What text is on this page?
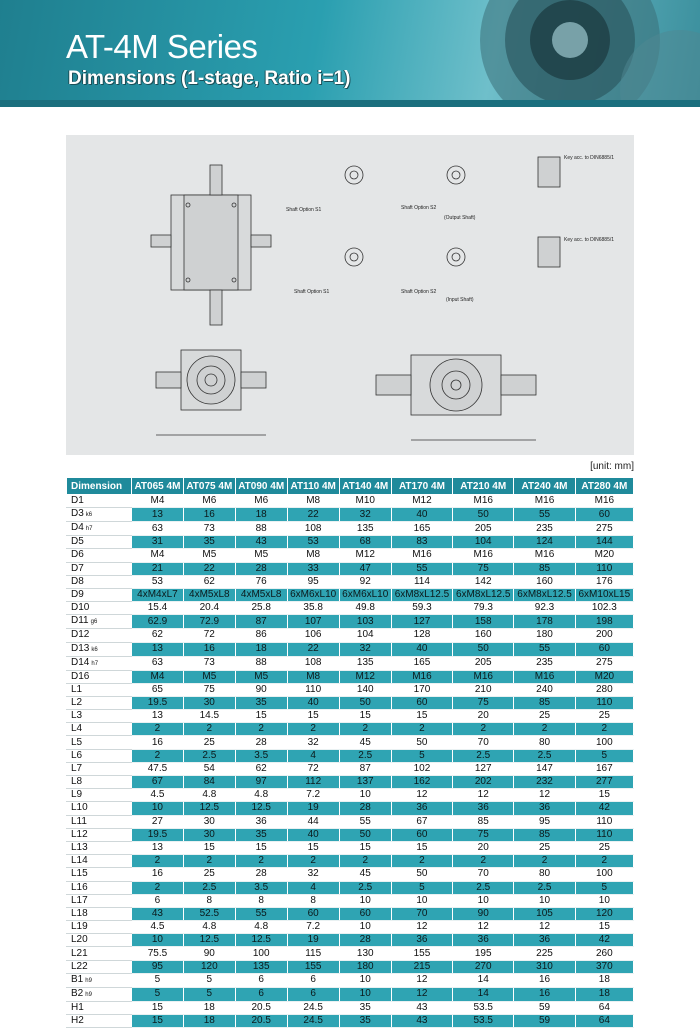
AT-4M Series
Dimensions (1-stage, Ratio i=1)
Shaft Option S1	Shaft Option S2
(Output Shaft)
Shaft Option S1	Shaft Option S2
(Input Shaft)
Key acc. to DIN6885/1
Key acc. to DIN6885/1
[unit: mm]
Dimension	AT065 4M	AT075 4M	AT090 4M	AT110 4M	AT140 4M	AT170 4M	AT210 4M	AT240 4M	AT280 4M
D1	M4	M6	M6	M8	M10	M12	M16	M16	M16
D3 k6	13	16	18	22	32	40	50	55	60
D4 h7	63	73	88	108	135	165	205	235	275
D5	31	35	43	53	68	83	104	124	144
D6	M4	M5	M5	M8	M12	M16	M16	M16	M20
D7	21	22	28	33	47	55	75	85	110
D8	53	62	76	95	92	114	142	160	176
D9	4xM4xL7	4xM5xL8	4xM5xL8	6xM6xL10	6xM6xL10	6xM8xL12.5	6xM8xL12.5	6xM8xL12.5	6xM10xL15
D10	15.4	20.4	25.8	35.8	49.8	59.3	79.3	92.3	102.3
D11 g6	62.9	72.9	87	107	103	127	158	178	198
D12	62	72	86	106	104	128	160	180	200
D13 k6	13	16	18	22	32	40	50	55	60
D14 h7	63	73	88	108	135	165	205	235	275
D16	M4	M5	M5	M8	M12	M16	M16	M16	M20
L1	65	75	90	110	140	170	210	240	280
L2	19.5	30	35	40	50	60	75	85	110
L3	13	14.5	15	15	15	15	20	25	25
L4	2	2	2	2	2	2	2	2	2
L5	16	25	28	32	45	50	70	80	100
L6	2	2.5	3.5	4	2.5	5	2.5	2.5	5
L7	47.5	54	62	72	87	102	127	147	167
L8	67	84	97	112	137	162	202	232	277
L9	4.5	4.8	4.8	7.2	10	12	12	12	15
L10	10	12.5	12.5	19	28	36	36	36	42
L11	27	30	36	44	55	67	85	95	110
L12	19.5	30	35	40	50	60	75	85	110
L13	13	15	15	15	15	15	20	25	25
L14	2	2	2	2	2	2	2	2	2
L15	16	25	28	32	45	50	70	80	100
L16	2	2.5	3.5	4	2.5	5	2.5	2.5	5
L17	6	8	8	8	10	10	10	10	10
L18	43	52.5	55	60	60	70	90	105	120
L19	4.5	4.8	4.8	7.2	10	12	12	12	15
L20	10	12.5	12.5	19	28	36	36	36	42
L21	75.5	90	100	115	130	155	195	225	260
L22	95	120	135	155	180	215	270	310	370
B1 h9	5	5	6	6	10	12	14	16	18
B2 h9	5	5	6	6	10	12	14	16	18
H1	15	18	20.5	24.5	35	43	53.5	59	64
H2	15	18	20.5	24.5	35	43	53.5	59	64
